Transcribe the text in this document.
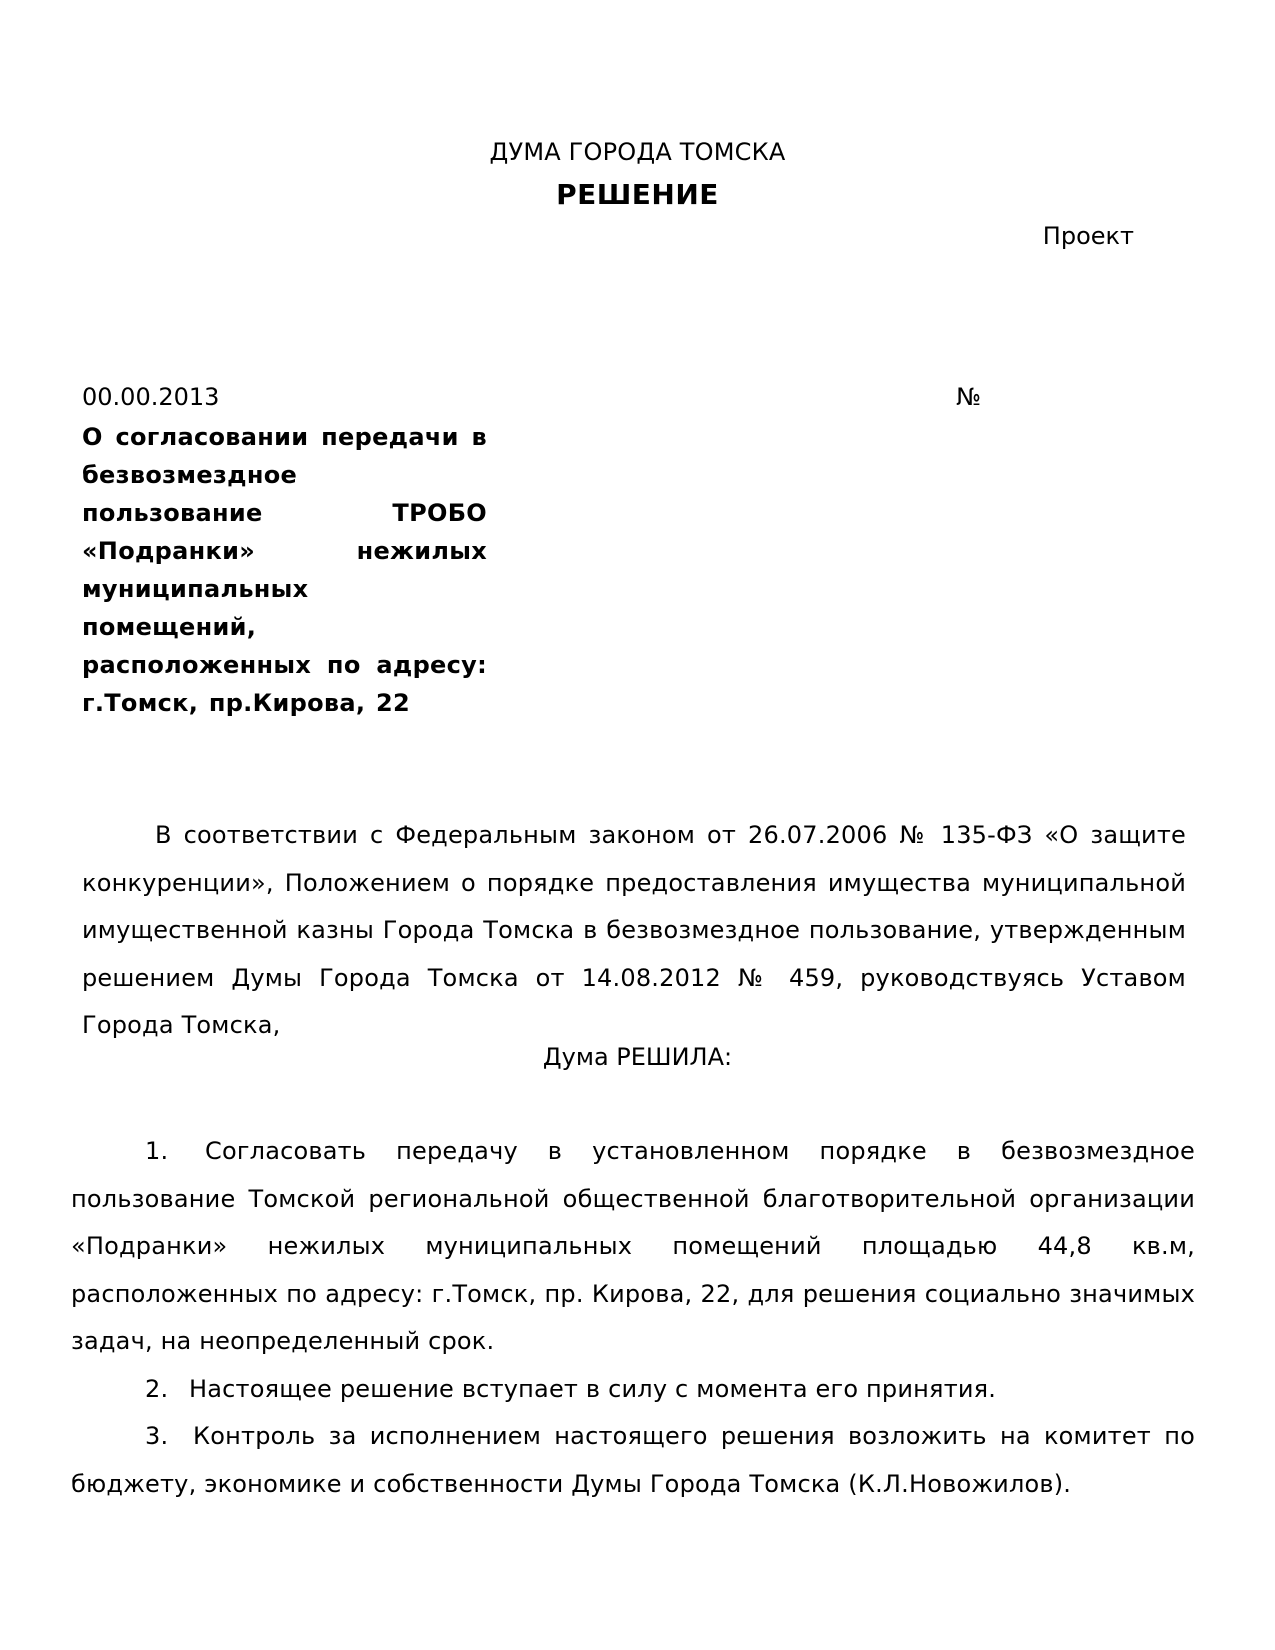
ДУМА ГОРОДА ТОМСКА
РЕШЕНИЕ
Проект
00.00.2013	№
О согласовании передачи в безвозмездное пользование ТРОБО «Подранки» нежилых муниципальных помещений, расположенных по адресу: г.Томск, пр.Кирова, 22
В соответствии с Федеральным законом от 26.07.2006 № 135-ФЗ «О защите конкуренции», Положением о порядке предоставления имущества муниципальной имущественной казны Города Томска в безвозмездное пользование, утвержденным решением Думы Города Томска от 14.08.2012 № 459, руководствуясь Уставом Города Томска,
Дума РЕШИЛА:

1. Согласовать передачу в установленном порядке в безвозмездное пользование Томской региональной общественной благотворительной организации «Подранки» нежилых муниципальных помещений площадью 44,8 кв.м, расположенных по адресу: г.Томск, пр. Кирова, 22, для решения социально значимых задач, на неопределенный срок.

2. Настоящее решение вступает в силу с момента его принятия.

3. Контроль за исполнением настоящего решения возложить на комитет по бюджету, экономике и собственности Думы Города Томска (К.Л.Новожилов).
